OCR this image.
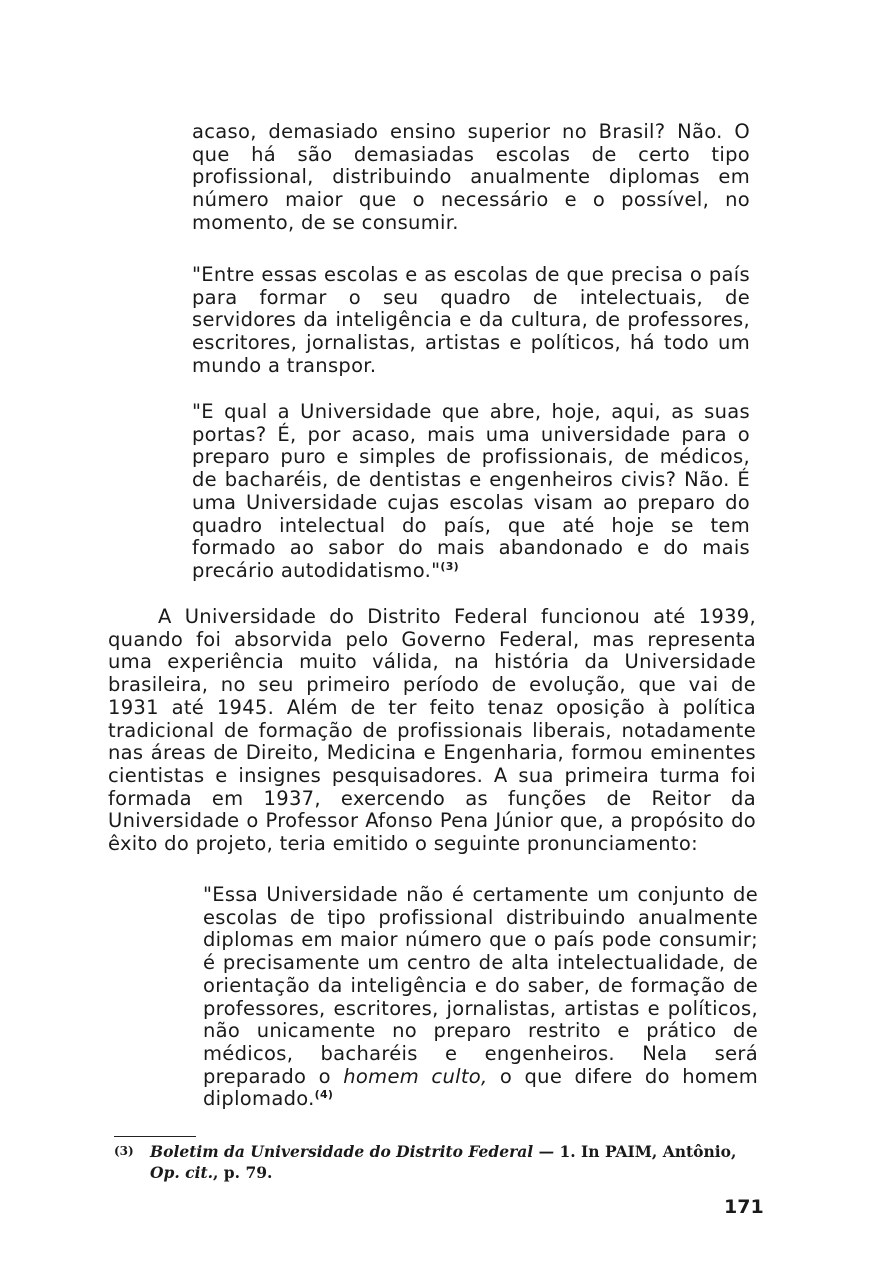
acaso, demasiado ensino superior no Brasil? Não. O que há são demasiadas escolas de certo tipo profissional, distribuindo anualmente diplomas em número maior que o necessário e o possível, no momento, de se consumir.

"Entre essas escolas e as escolas de que precisa o país para formar o seu quadro de intelectuais, de servidores da inteligência e da cultura, de professores, escritores, jornalistas, artistas e políticos, há todo um mundo a transpor.

"E qual a Universidade que abre, hoje, aqui, as suas portas? É, por acaso, mais uma universidade para o preparo puro e simples de profissionais, de médicos, de bacharéis, de dentistas e engenheiros civis? Não. É uma Universidade cujas escolas visam ao preparo do quadro intelectual do país, que até hoje se tem formado ao sabor do mais abandonado e do mais precário autodidatismo."$^{(3)}$

A Universidade do Distrito Federal funcionou até 1939, quando foi absorvida pelo Governo Federal, mas representa uma experiência muito válida, na história da Universidade brasileira, no seu primeiro período de evolução, que vai de 1931 até 1945. Além de ter feito tenaz oposição à política tradicional de formação de profissionais liberais, notadamente nas áreas de Direito, Medicina e Engenharia, formou eminentes cientistas e insignes pesquisadores. A sua primeira turma foi formada em 1937, exercendo as funções de Reitor da Universidade o Professor Afonso Pena Júnior que, a propósito do êxito do projeto, teria emitido o seguinte pronunciamento:

"Essa Universidade não é certamente um conjunto de escolas de tipo profissional distribuindo anualmente diplomas em maior número que o país pode consumir; é precisamente um centro de alta intelectualidade, de orientação da inteligência e do saber, de formação de professores, escritores, jornalistas, artistas e políticos, não unicamente no preparo restrito e prático de médicos, bacharéis e engenheiros. Nela será preparado o homem culto, o que difere do homem diplomado.$^{(4)}$

(3) Boletim da Universidade do Distrito Federal — 1. In PAIM, Antônio,
Op. cit., p. 79.
171
